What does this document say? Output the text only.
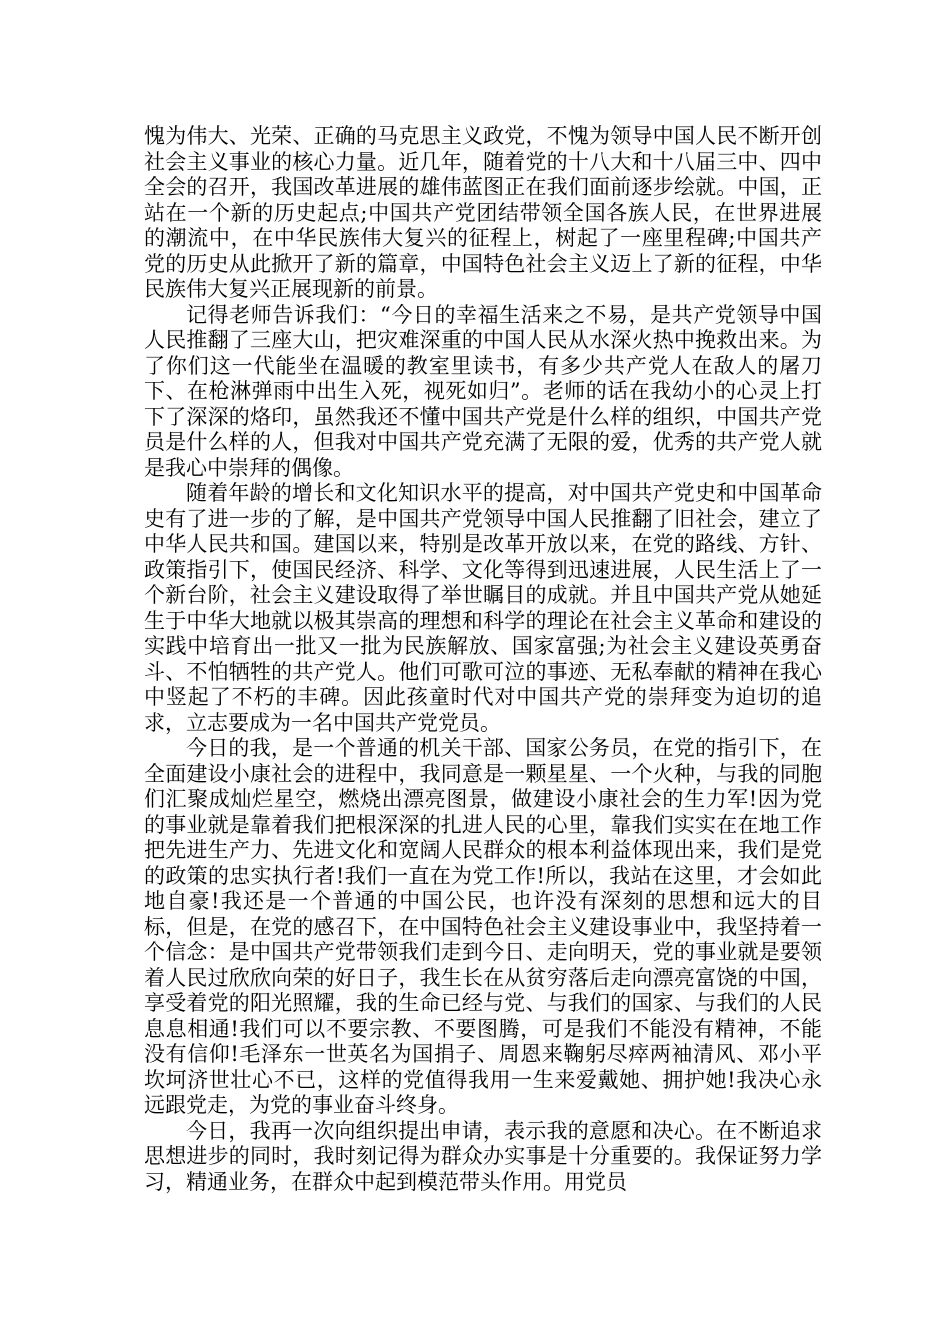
愧为伟大、光荣、正确的马克思主义政党，不愧为领导中国人民不断开创社会主义事业的核心力量。近几年，随着党的十八大和十八届三中、四中全会的召开，我国改革进展的雄伟蓝图正在我们面前逐步绘就。中国，正站在一个新的历史起点;中国共产党团结带领全国各族人民，在世界进展的潮流中，在中华民族伟大复兴的征程上，树起了一座里程碑;中国共产党的历史从此掀开了新的篇章，中国特色社会主义迈上了新的征程，中华民族伟大复兴正展现新的前景。

记得老师告诉我们：“今日的幸福生活来之不易，是共产党领导中国人民推翻了三座大山，把灾难深重的中国人民从水深火热中挽救出来。为了你们这一代能坐在温暖的教室里读书，有多少共产党人在敌人的屠刀下、在枪淋弹雨中出生入死，视死如归”。老师的话在我幼小的心灵上打下了深深的烙印，虽然我还不懂中国共产党是什么样的组织，中国共产党员是什么样的人，但我对中国共产党充满了无限的爱，优秀的共产党人就是我心中崇拜的偶像。

随着年龄的增长和文化知识水平的提高，对中国共产党史和中国革命史有了进一步的了解，是中国共产党领导中国人民推翻了旧社会，建立了中华人民共和国。建国以来，特别是改革开放以来，在党的路线、方针、政策指引下，使国民经济、科学、文化等得到迅速进展，人民生活上了一个新台阶，社会主义建设取得了举世瞩目的成就。并且中国共产党从她延生于中华大地就以极其崇高的理想和科学的理论在社会主义革命和建设的实践中培育出一批又一批为民族解放、国家富强;为社会主义建设英勇奋斗、不怕牺牲的共产党人。他们可歌可泣的事迹、无私奉献的精神在我心中竖起了不朽的丰碑。因此孩童时代对中国共产党的崇拜变为迫切的追求，立志要成为一名中国共产党党员。

今日的我，是一个普通的机关干部、国家公务员，在党的指引下，在全面建设小康社会的进程中，我同意是一颗星星、一个火种，与我的同胞们汇聚成灿烂星空，燃烧出漂亮图景，做建设小康社会的生力军!因为党的事业就是靠着我们把根深深的扎进人民的心里，靠我们实实在在地工作把先进生产力、先进文化和宽阔人民群众的根本利益体现出来，我们是党的政策的忠实执行者!我们一直在为党工作!所以，我站在这里，才会如此地自豪!我还是一个普通的中国公民，也许没有深刻的思想和远大的目标，但是，在党的感召下，在中国特色社会主义建设事业中，我坚持着一个信念：是中国共产党带领我们走到今日、走向明天，党的事业就是要领着人民过欣欣向荣的好日子，我生长在从贫穷落后走向漂亮富饶的中国，享受着党的阳光照耀，我的生命已经与党、与我们的国家、与我们的人民息息相通!我们可以不要宗教、不要图腾，可是我们不能没有精神，不能没有信仰!毛泽东一世英名为国捐子、周恩来鞠躬尽瘁两袖清风、邓小平坎坷济世壮心不已，这样的党值得我用一生来爱戴她、拥护她!我决心永远跟党走，为党的事业奋斗终身。

今日，我再一次向组织提出申请，表示我的意愿和决心。在不断追求思想进步的同时，我时刻记得为群众办实事是十分重要的。我保证努力学习，精通业务，在群众中起到模范带头作用。用党员
